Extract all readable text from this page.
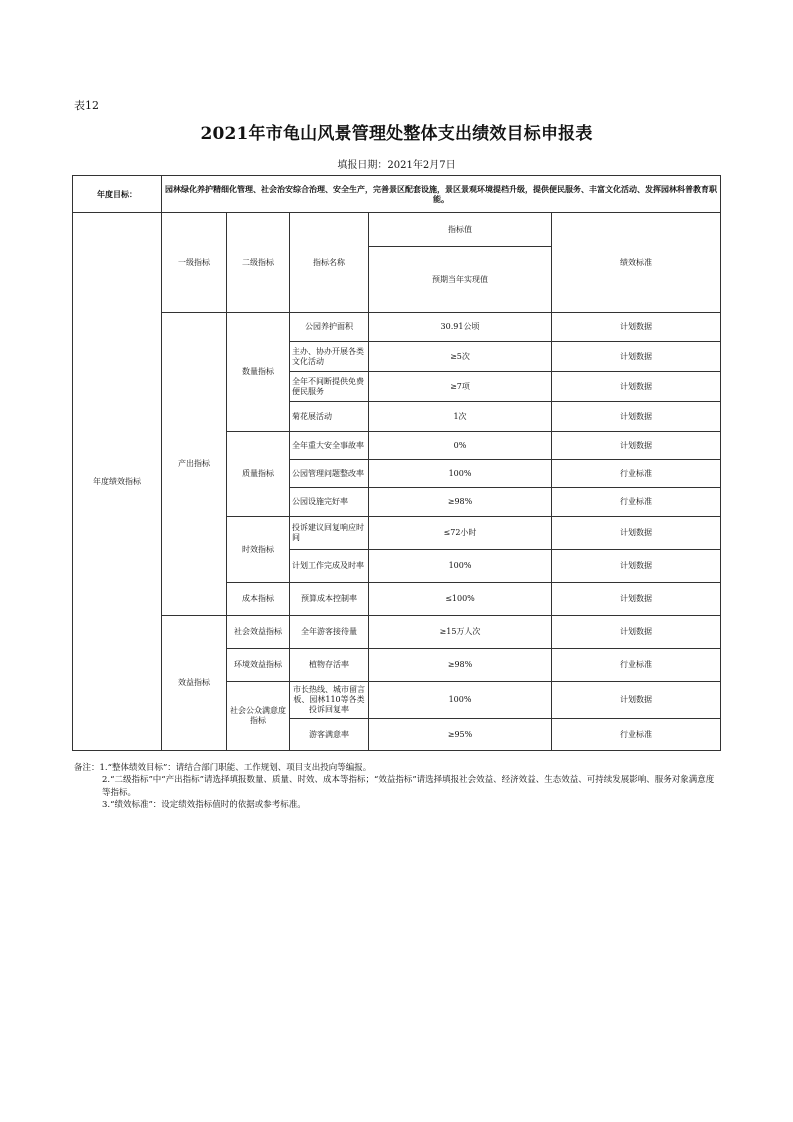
表12
2021年市龟山风景管理处整体支出绩效目标申报表
填报日期：2021年2月7日
年度目标：	园林绿化养护精细化管理、社会治安综合治理、安全生产，完善景区配套设施，景区景观环境提档升级，提供便民服务、丰富文化活动、发挥园林科普教育职能。				
年度绩效指标	一级指标	二级指标	指标名称	指标值	绩效标准
				预期当年实现值	
	产出指标	数量指标	公园养护面积	30.91公顷	计划数据
			主办、协办开展各类文化活动	≥5次	计划数据
			全年不间断提供免费便民服务	≥7项	计划数据
			菊花展活动	1次	计划数据
		质量指标	全年重大安全事故率	0%	计划数据
			公园管理问题整改率	100%	行业标准
			公园设施完好率	≥98%	行业标准
		时效指标	投诉建议回复响应时间	≤72小时	计划数据
			计划工作完成及时率	100%	计划数据
		成本指标	预算成本控制率	≤100%	计划数据
	效益指标	社会效益指标	全年游客接待量	≥15万人次	计划数据
		环境效益指标	植物存活率	≥98%	行业标准
		社会公众满意度指标	市长热线、城市留言板、园林110等各类投诉回复率	100%	计划数据
			游客满意率	≥95%	行业标准

备注：1.“整体绩效目标”：请结合部门职能、工作规划、项目支出投向等编报。

2.“二级指标”中“产出指标”请选择填报数量、质量、时效、成本等指标；“效益指标”请选择填报社会效益、经济效益、生态效益、可持续发展影响、服务对象满意度等指标。

3.“绩效标准”：设定绩效指标值时的依据或参考标准。
